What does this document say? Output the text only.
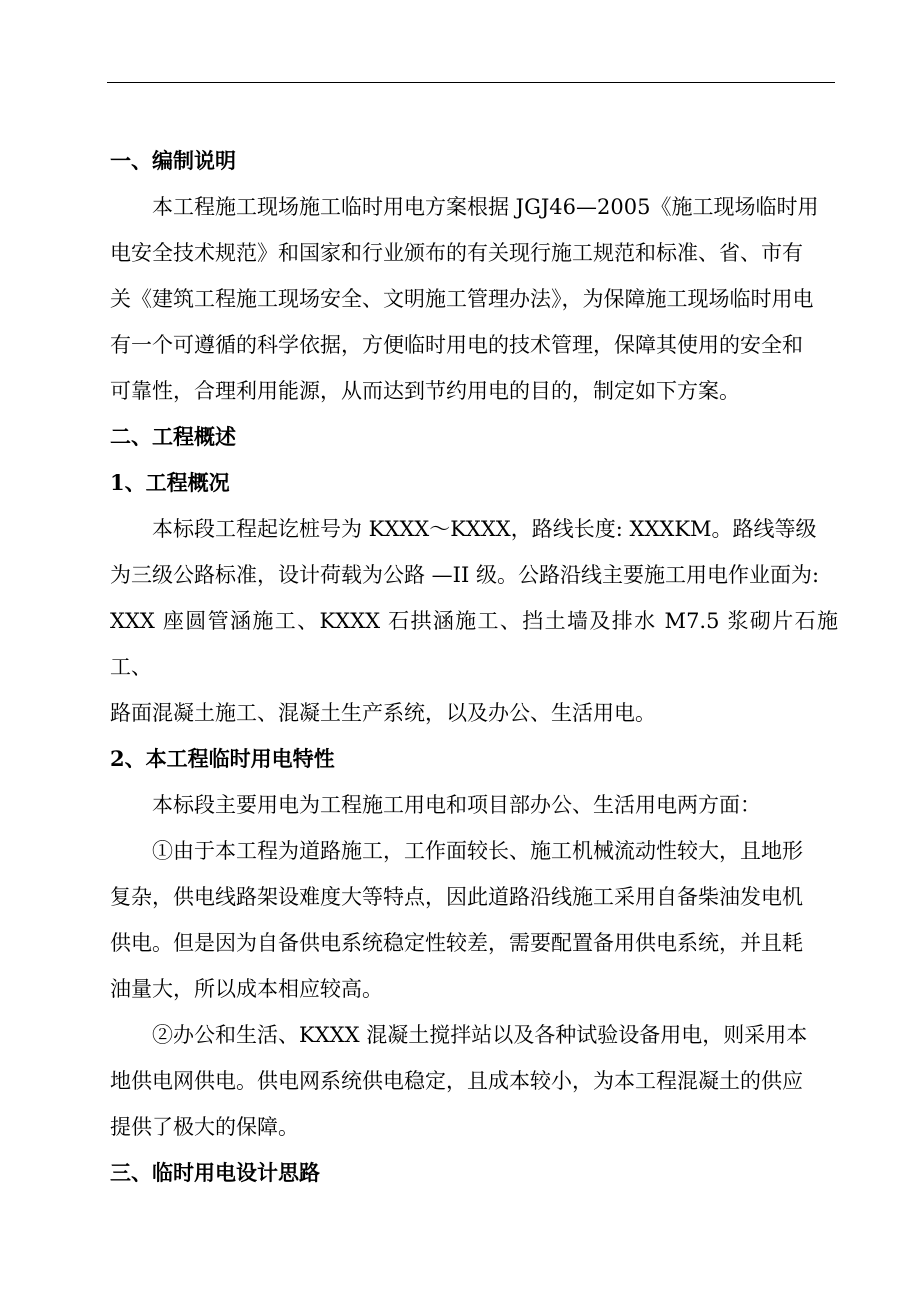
一、编制说明

本工程施工现场施工临时用电方案根据 JGJ46—2005《施工现场临时用

电安全技术规范》和国家和行业颁布的有关现行施工规范和标准、省、市有

关《建筑工程施工现场安全、文明施工管理办法》，为保障施工现场临时用电

有一个可遵循的科学依据，方便临时用电的技术管理，保障其使用的安全和

可靠性，合理利用能源，从而达到节约用电的目的，制定如下方案。

二、工程概述

1、工程概况

本标段工程起讫桩号为 KXXX～KXXX，路线长度: XXXKM。路线等级

为三级公路标准，设计荷载为公路 —II 级。公路沿线主要施工用电作业面为:

XXX 座圆管涵施工、KXXX 石拱涵施工、挡土墙及排水 M7.5 浆砌片石施工、

路面混凝土施工、混凝土生产系统，以及办公、生活用电。

2、本工程临时用电特性

本标段主要用电为工程施工用电和项目部办公、生活用电两方面：

①由于本工程为道路施工，工作面较长、施工机械流动性较大，且地形

复杂，供电线路架设难度大等特点，因此道路沿线施工采用自备柴油发电机

供电。但是因为自备供电系统稳定性较差，需要配置备用供电系统，并且耗

油量大，所以成本相应较高。

②办公和生活、KXXX 混凝土搅拌站以及各种试验设备用电，则采用本

地供电网供电。供电网系统供电稳定，且成本较小，为本工程混凝土的供应

提供了极大的保障。

三、临时用电设计思路
